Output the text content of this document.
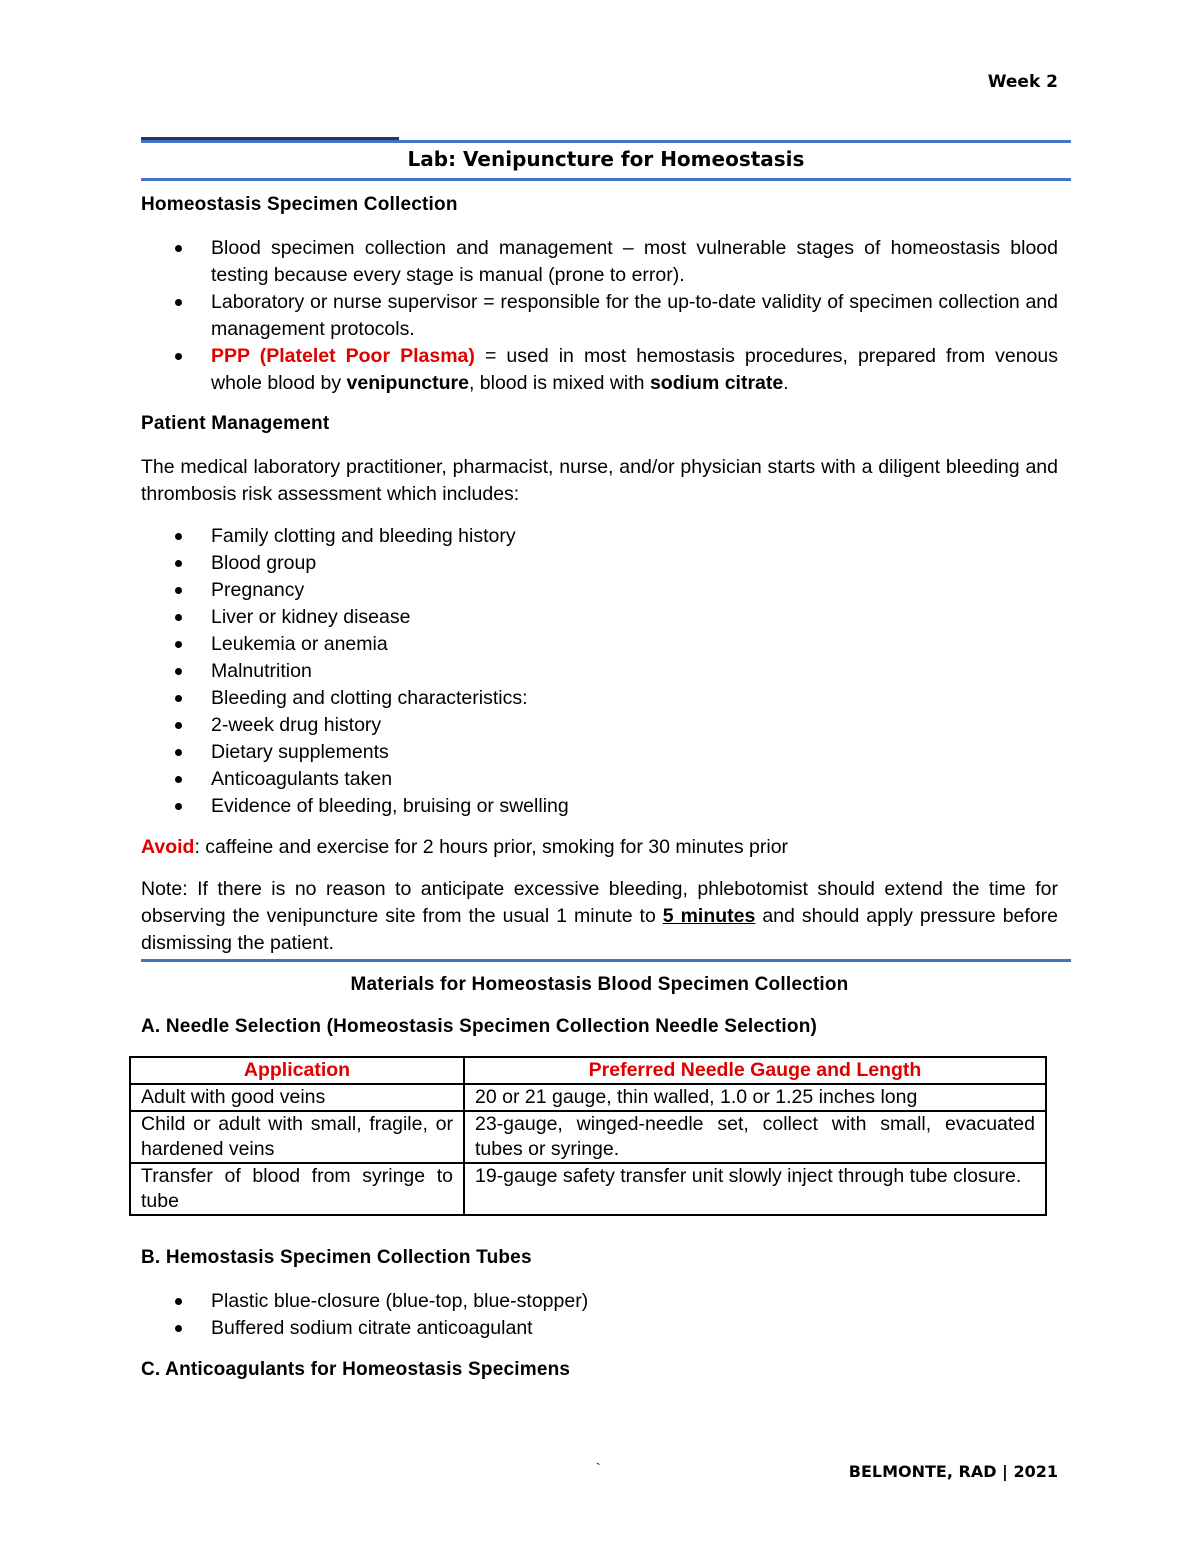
Week 2
Lab: Venipuncture for Homeostasis
Homeostasis Specimen Collection
Blood specimen collection and management – most vulnerable stages of homeostasis blood testing because every stage is manual (prone to error).
Laboratory or nurse supervisor = responsible for the up-to-date validity of specimen collection and management protocols.
PPP (Platelet Poor Plasma) = used in most hemostasis procedures, prepared from venous whole blood by venipuncture, blood is mixed with sodium citrate.
Patient Management
The medical laboratory practitioner, pharmacist, nurse, and/or physician starts with a diligent bleeding and thrombosis risk assessment which includes:
Family clotting and bleeding history
Blood group
Pregnancy
Liver or kidney disease
Leukemia or anemia
Malnutrition
Bleeding and clotting characteristics:
2-week drug history
Dietary supplements
Anticoagulants taken
Evidence of bleeding, bruising or swelling
Avoid: caffeine and exercise for 2 hours prior, smoking for 30 minutes prior
Note: If there is no reason to anticipate excessive bleeding, phlebotomist should extend the time for observing the venipuncture site from the usual 1 minute to 5 minutes and should apply pressure before dismissing the patient.
Materials for Homeostasis Blood Specimen Collection
A. Needle Selection (Homeostasis Specimen Collection Needle Selection)
Application	Preferred Needle Gauge and Length
Adult with good veins	20 or 21 gauge, thin walled, 1.0 or 1.25 inches long
Child or adult with small, fragile, or hardened veins	23-gauge, winged-needle set, collect with small, evacuated tubes or syringe.
Transfer of blood from syringe to tube	19-gauge safety transfer unit slowly inject through tube closure.
B. Hemostasis Specimen Collection Tubes
Plastic blue-closure (blue-top, blue-stopper)
Buffered sodium citrate anticoagulant
C. Anticoagulants for Homeostasis Specimens
`	BELMONTE, RAD | 2021
